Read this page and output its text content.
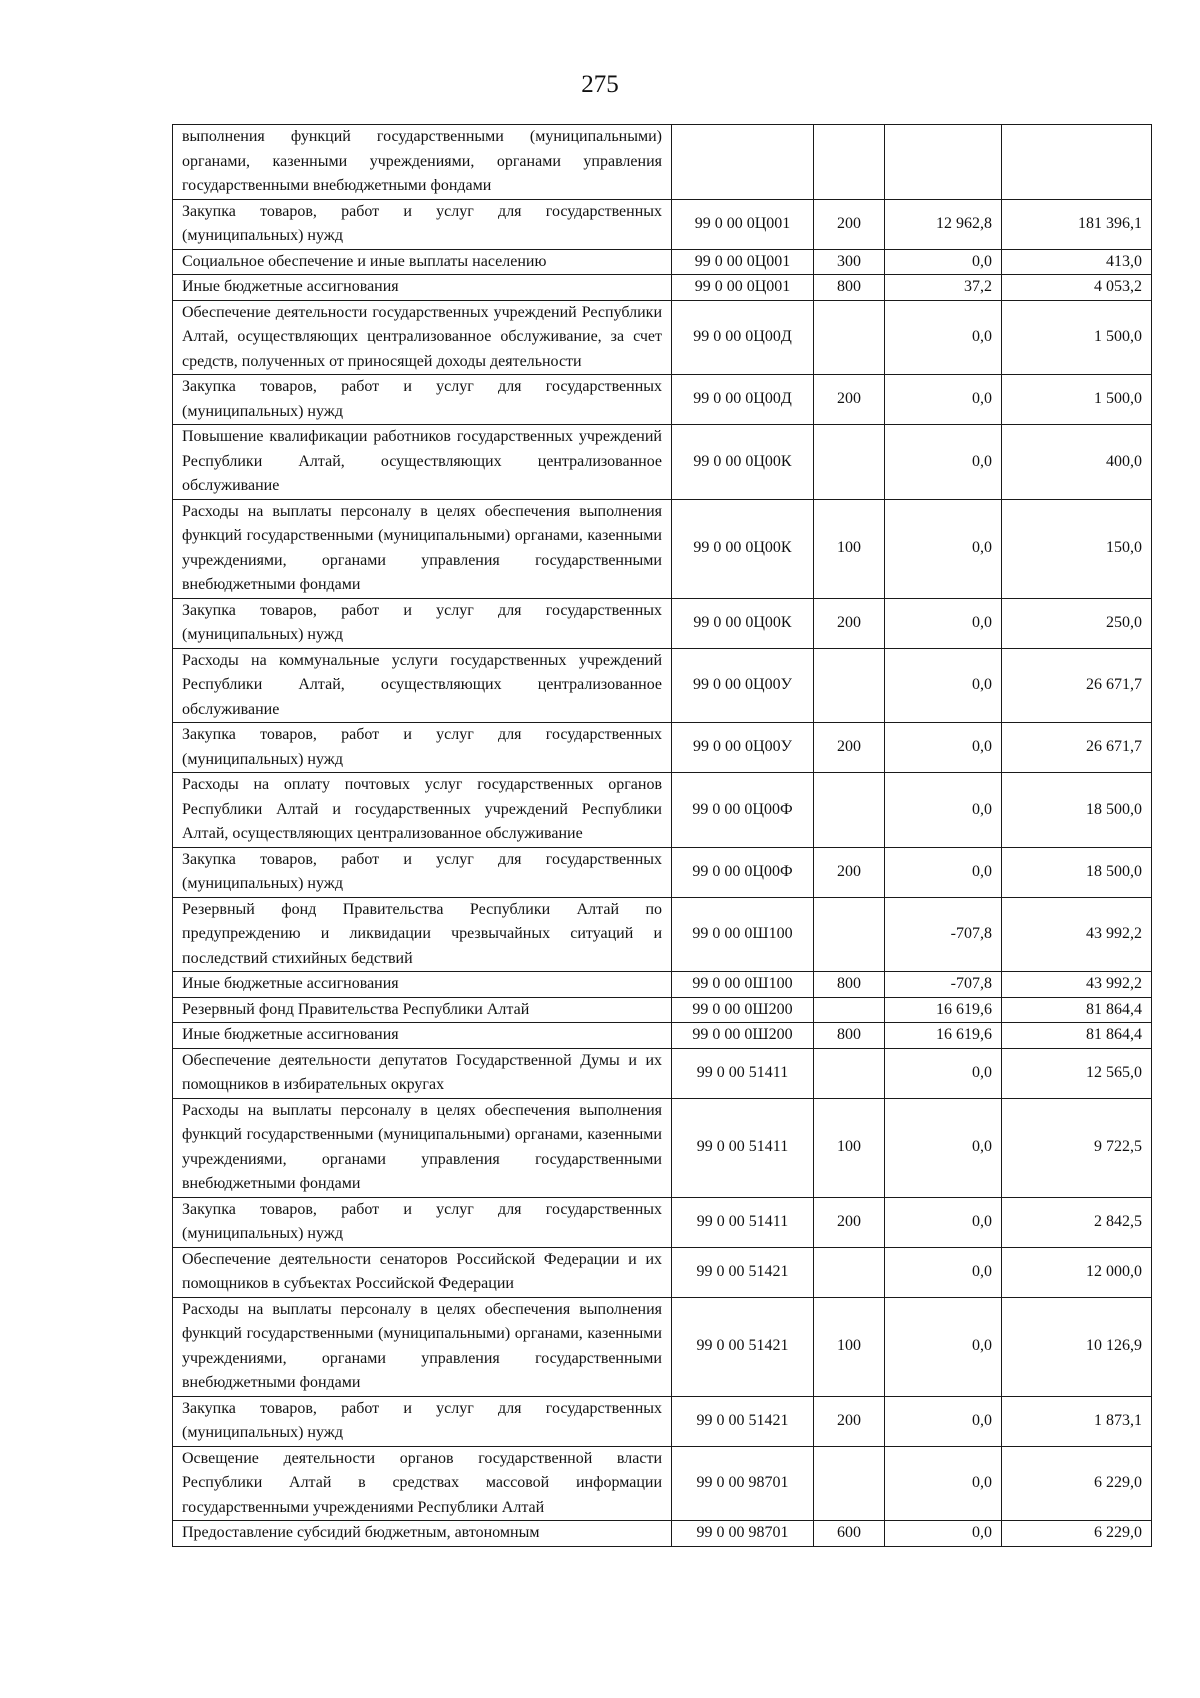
275
выполнения функций государственными (муниципальными) органами, казенными учреждениями, органами управления государственными внебюджетными фондами				
Закупка товаров, работ и услуг для государственных (муниципальных) нужд	99 0 00 0Ц001	200	12 962,8	181 396,1
Социальное обеспечение и иные выплаты населению	99 0 00 0Ц001	300	0,0	413,0
Иные бюджетные ассигнования	99 0 00 0Ц001	800	37,2	4 053,2
Обеспечение деятельности государственных учреждений Республики Алтай, осуществляющих централизованное обслуживание, за счет средств, полученных от приносящей доходы деятельности	99 0 00 0Ц00Д		0,0	1 500,0
Закупка товаров, работ и услуг для государственных (муниципальных) нужд	99 0 00 0Ц00Д	200	0,0	1 500,0
Повышение квалификации работников государственных учреждений Республики Алтай, осуществляющих централизованное обслуживание	99 0 00 0Ц00К		0,0	400,0
Расходы на выплаты персоналу в целях обеспечения выполнения функций государственными (муниципальными) органами, казенными учреждениями, органами управления государственными внебюджетными фондами	99 0 00 0Ц00К	100	0,0	150,0
Закупка товаров, работ и услуг для государственных (муниципальных) нужд	99 0 00 0Ц00К	200	0,0	250,0
Расходы на коммунальные услуги государственных учреждений Республики Алтай, осуществляющих централизованное обслуживание	99 0 00 0Ц00У		0,0	26 671,7
Закупка товаров, работ и услуг для государственных (муниципальных) нужд	99 0 00 0Ц00У	200	0,0	26 671,7
Расходы на оплату почтовых услуг государственных органов Республики Алтай и государственных учреждений Республики Алтай, осуществляющих централизованное обслуживание	99 0 00 0Ц00Ф		0,0	18 500,0
Закупка товаров, работ и услуг для государственных (муниципальных) нужд	99 0 00 0Ц00Ф	200	0,0	18 500,0
Резервный фонд Правительства Республики Алтай по предупреждению и ликвидации чрезвычайных ситуаций и последствий стихийных бедствий	99 0 00 0Ш100		-707,8	43 992,2
Иные бюджетные ассигнования	99 0 00 0Ш100	800	-707,8	43 992,2
Резервный фонд Правительства Республики Алтай	99 0 00 0Ш200		16 619,6	81 864,4
Иные бюджетные ассигнования	99 0 00 0Ш200	800	16 619,6	81 864,4
Обеспечение деятельности депутатов Государственной Думы и их помощников в избирательных округах	99 0 00 51411		0,0	12 565,0
Расходы на выплаты персоналу в целях обеспечения выполнения функций государственными (муниципальными) органами, казенными учреждениями, органами управления государственными внебюджетными фондами	99 0 00 51411	100	0,0	9 722,5
Закупка товаров, работ и услуг для государственных (муниципальных) нужд	99 0 00 51411	200	0,0	2 842,5
Обеспечение деятельности сенаторов Российской Федерации и их помощников в субъектах Российской Федерации	99 0 00 51421		0,0	12 000,0
Расходы на выплаты персоналу в целях обеспечения выполнения функций государственными (муниципальными) органами, казенными учреждениями, органами управления государственными внебюджетными фондами	99 0 00 51421	100	0,0	10 126,9
Закупка товаров, работ и услуг для государственных (муниципальных) нужд	99 0 00 51421	200	0,0	1 873,1
Освещение деятельности органов государственной власти Республики Алтай в средствах массовой информации государственными учреждениями Республики Алтай	99 0 00 98701		0,0	6 229,0
Предоставление субсидий бюджетным, автономным	99 0 00 98701	600	0,0	6 229,0
